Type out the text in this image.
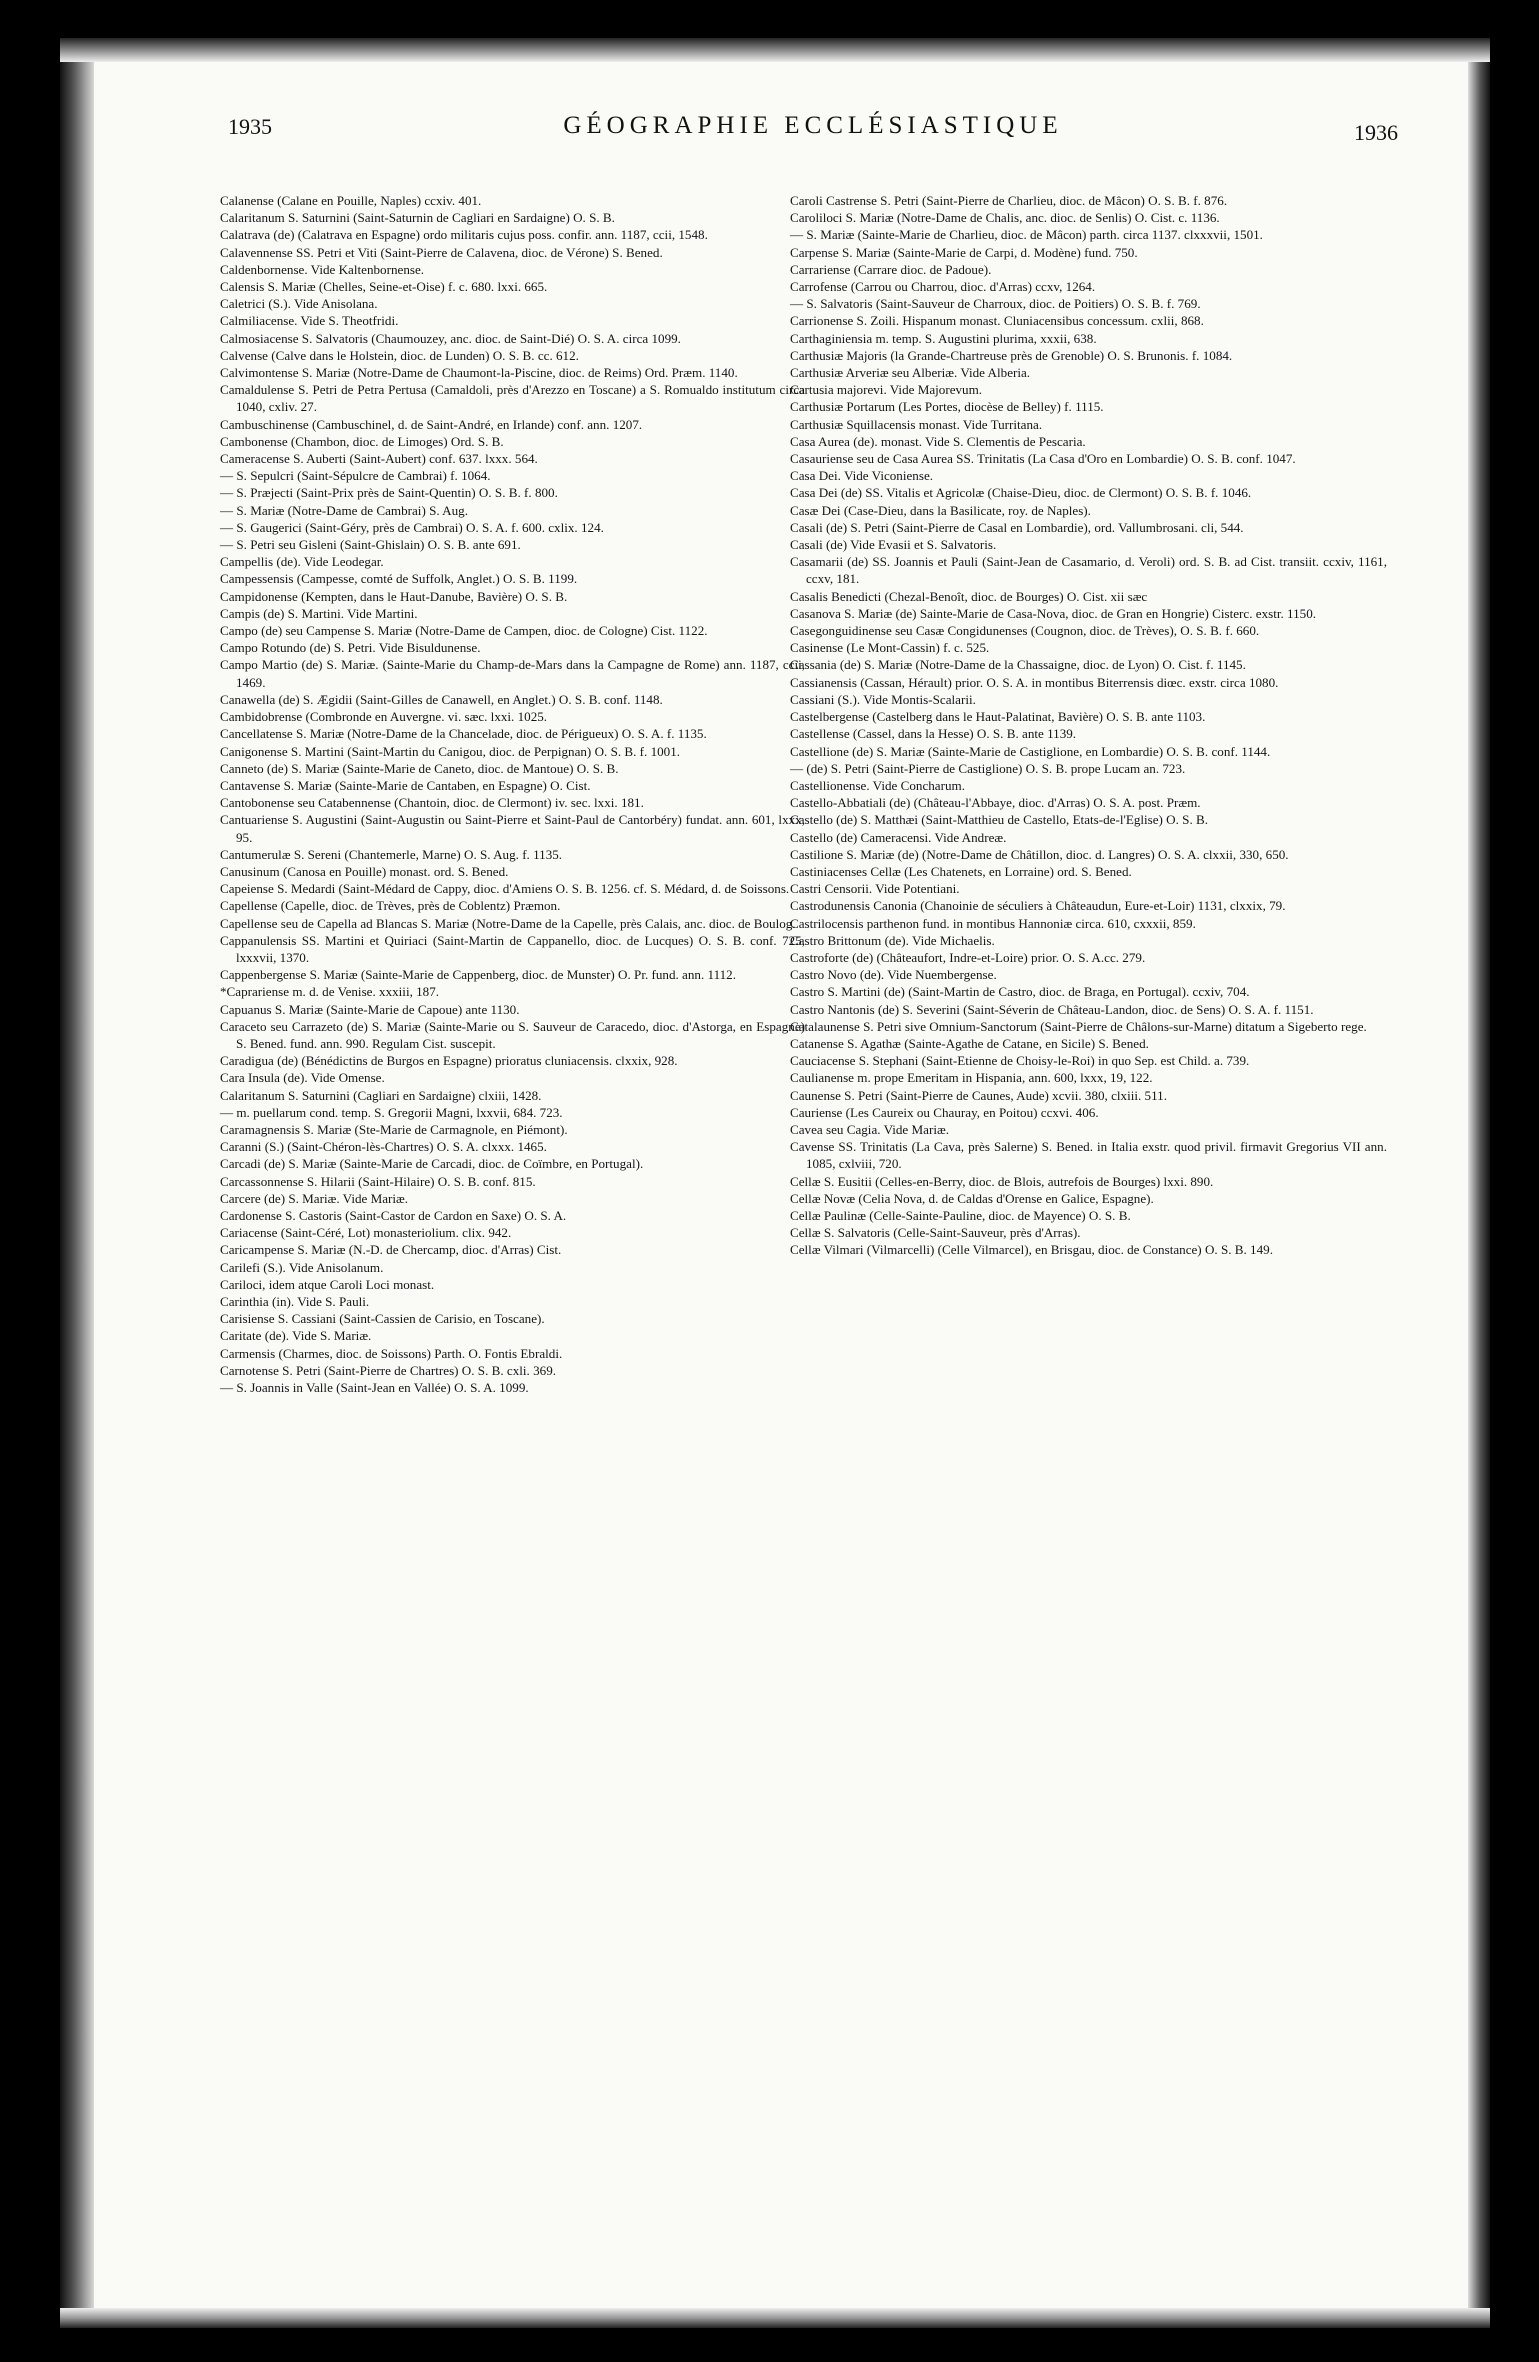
1935	GÉOGRAPHIE ECCLÉSIASTIQUE	1936

Calanense (Calane en Pouille, Naples) ccxiv. 401.

Calaritanum S. Saturnini (Saint-Saturnin de Cagliari en Sardaigne) O. S. B.

Calatrava (de) (Calatrava en Espagne) ordo militaris cujus poss. confir. ann. 1187, ccii, 1548.

Calavennense SS. Petri et Viti (Saint-Pierre de Calavena, dioc. de Vérone) S. Bened.

Caldenbornense. Vide Kaltenbornense.

Calensis S. Mariæ (Chelles, Seine-et-Oise) f. c. 680. lxxi. 665.

Caletrici (S.). Vide Anisolana.

Calmiliacense. Vide S. Theotfridi.

Calmosiacense S. Salvatoris (Chaumouzey, anc. dioc. de Saint-Dié) O. S. A. circa 1099.

Calvense (Calve dans le Holstein, dioc. de Lunden) O. S. B. cc. 612.

Calvimontense S. Mariæ (Notre-Dame de Chaumont-la-Piscine, dioc. de Reims) Ord. Præm. 1140.

Camaldulense S. Petri de Petra Pertusa (Camaldoli, près d'Arezzo en Toscane) a S. Romualdo institutum circa 1040, cxliv. 27.

Cambuschinense (Cambuschinel, d. de Saint-André, en Irlande) conf. ann. 1207.

Cambonense (Chambon, dioc. de Limoges) Ord. S. B.

Cameracense S. Auberti (Saint-Aubert) conf. 637. lxxx. 564.

— S. Sepulcri (Saint-Sépulcre de Cambrai) f. 1064.

— S. Præjecti (Saint-Prix près de Saint-Quentin) O. S. B. f. 800.

— S. Mariæ (Notre-Dame de Cambrai) S. Aug.

— S. Gaugerici (Saint-Géry, près de Cambrai) O. S. A. f. 600. cxlix. 124.

— S. Petri seu Gisleni (Saint-Ghislain) O. S. B. ante 691.

Campellis (de). Vide Leodegar.

Campessensis (Campesse, comté de Suffolk, Anglet.) O. S. B. 1199.

Campidonense (Kempten, dans le Haut-Danube, Bavière) O. S. B.

Campis (de) S. Martini. Vide Martini.

Campo (de) seu Campense S. Mariæ (Notre-Dame de Campen, dioc. de Cologne) Cist. 1122.

Campo Rotundo (de) S. Petri. Vide Bisuldunense.

Campo Martio (de) S. Mariæ. (Sainte-Marie du Champ-de-Mars dans la Campagne de Rome) ann. 1187, ccii, 1469.

Canawella (de) S. Ægidii (Saint-Gilles de Canawell, en Anglet.) O. S. B. conf. 1148.

Cambidobrense (Combronde en Auvergne. vi. sæc. lxxi. 1025.

Cancellatense S. Mariæ (Notre-Dame de la Chancelade, dioc. de Périgueux) O. S. A. f. 1135.

Canigonense S. Martini (Saint-Martin du Canigou, dioc. de Perpignan) O. S. B. f. 1001.

Canneto (de) S. Mariæ (Sainte-Marie de Caneto, dioc. de Mantoue) O. S. B.

Cantavense S. Mariæ (Sainte-Marie de Cantaben, en Espagne) O. Cist.

Cantobonense seu Catabennense (Chantoin, dioc. de Clermont) iv. sec. lxxi. 181.

Cantuariense S. Augustini (Saint-Augustin ou Saint-Pierre et Saint-Paul de Cantorbéry) fundat. ann. 601, lxxx, 95.

Cantumerulæ S. Sereni (Chantemerle, Marne) O. S. Aug. f. 1135.

Canusinum (Canosa en Pouille) monast. ord. S. Bened.

Capeiense S. Medardi (Saint-Médard de Cappy, dioc. d'Amiens O. S. B. 1256. cf. S. Médard, d. de Soissons.

Capellense (Capelle, dioc. de Trèves, près de Coblentz) Præmon.

Capellense seu de Capella ad Blancas S. Mariæ (Notre-Dame de la Capelle, près Calais, anc. dioc. de Boulog.

Cappanulensis SS. Martini et Quiriaci (Saint-Martin de Cappanello, dioc. de Lucques) O. S. B. conf. 725, lxxxvii, 1370.

Cappenbergense S. Mariæ (Sainte-Marie de Cappenberg, dioc. de Munster) O. Pr. fund. ann. 1112.

*Caprariense m. d. de Venise. xxxiii, 187.

Capuanus S. Mariæ (Sainte-Marie de Capoue) ante 1130.

Caraceto seu Carrazeto (de) S. Mariæ (Sainte-Marie ou S. Sauveur de Caracedo, dioc. d'Astorga, en Espagne) S. Bened. fund. ann. 990. Regulam Cist. suscepit.

Caradigua (de) (Bénédictins de Burgos en Espagne) prioratus cluniacensis. clxxix, 928.

Cara Insula (de). Vide Omense.

Calaritanum S. Saturnini (Cagliari en Sardaigne) clxiii, 1428.

— m. puellarum cond. temp. S. Gregorii Magni, lxxvii, 684. 723.

Caramagnensis S. Mariæ (Ste-Marie de Carmagnole, en Piémont).

Caranni (S.) (Saint-Chéron-lès-Chartres) O. S. A. clxxx. 1465.

Carcadi (de) S. Mariæ (Sainte-Marie de Carcadi, dioc. de Coïmbre, en Portugal).

Carcassonnense S. Hilarii (Saint-Hilaire) O. S. B. conf. 815.

Carcere (de) S. Mariæ. Vide Mariæ.

Cardonense S. Castoris (Saint-Castor de Cardon en Saxe) O. S. A.

Cariacense (Saint-Céré, Lot) monasteriolium. clix. 942.

Caricampense S. Mariæ (N.-D. de Chercamp, dioc. d'Arras) Cist.

Carilefi (S.). Vide Anisolanum.

Cariloci, idem atque Caroli Loci monast.

Carinthia (in). Vide S. Pauli.

Carisiense S. Cassiani (Saint-Cassien de Carisio, en Toscane).

Caritate (de). Vide S. Mariæ.

Carmensis (Charmes, dioc. de Soissons) Parth. O. Fontis Ebraldi.

Carnotense S. Petri (Saint-Pierre de Chartres) O. S. B. cxli. 369.

— S. Joannis in Valle (Saint-Jean en Vallée) O. S. A. 1099.

Caroli Castrense S. Petri (Saint-Pierre de Charlieu, dioc. de Mâcon) O. S. B. f. 876.

Caroliloci S. Mariæ (Notre-Dame de Chalis, anc. dioc. de Senlis) O. Cist. c. 1136.

— S. Mariæ (Sainte-Marie de Charlieu, dioc. de Mâcon) parth. circa 1137. clxxxvii, 1501.

Carpense S. Mariæ (Sainte-Marie de Carpi, d. Modène) fund. 750.

Carrariense (Carrare dioc. de Padoue).

Carrofense (Carrou ou Charrou, dioc. d'Arras) ccxv, 1264.

— S. Salvatoris (Saint-Sauveur de Charroux, dioc. de Poitiers) O. S. B. f. 769.

Carrionense S. Zoili. Hispanum monast. Cluniacensibus concessum. cxlii, 868.

Carthaginiensia m. temp. S. Augustini plurima, xxxii, 638.

Carthusiæ Majoris (la Grande-Chartreuse près de Grenoble) O. S. Brunonis. f. 1084.

Carthusiæ Arveriæ seu Alberiæ. Vide Alberia.

Cartusia majorevi. Vide Majorevum.

Carthusiæ Portarum (Les Portes, diocèse de Belley) f. 1115.

Carthusiæ Squillacensis monast. Vide Turritana.

Casa Aurea (de). monast. Vide S. Clementis de Pescaria.

Casauriense seu de Casa Aurea SS. Trinitatis (La Casa d'Oro en Lombardie) O. S. B. conf. 1047.

Casa Dei. Vide Viconiense.

Casa Dei (de) SS. Vitalis et Agricolæ (Chaise-Dieu, dioc. de Clermont) O. S. B. f. 1046.

Casæ Dei (Case-Dieu, dans la Basilicate, roy. de Naples).

Casali (de) S. Petri (Saint-Pierre de Casal en Lombardie), ord. Vallumbrosani. cli, 544.

Casali (de) Vide Evasii et S. Salvatoris.

Casamarii (de) SS. Joannis et Pauli (Saint-Jean de Casamario, d. Veroli) ord. S. B. ad Cist. transiit. ccxiv, 1161, ccxv, 181.

Casalis Benedicti (Chezal-Benoît, dioc. de Bourges) O. Cist. xii sæc

Casanova S. Mariæ (de) Sainte-Marie de Casa-Nova, dioc. de Gran en Hongrie) Cisterc. exstr. 1150.

Casegonguidinense seu Casæ Congidunenses (Cougnon, dioc. de Trèves), O. S. B. f. 660.

Casinense (Le Mont-Cassin) f. c. 525.

Cassania (de) S. Mariæ (Notre-Dame de la Chassaigne, dioc. de Lyon) O. Cist. f. 1145.

Cassianensis (Cassan, Hérault) prior. O. S. A. in montibus Biterrensis diœc. exstr. circa 1080.

Cassiani (S.). Vide Montis-Scalarii.

Castelbergense (Castelberg dans le Haut-Palatinat, Bavière) O. S. B. ante 1103.

Castellense (Cassel, dans la Hesse) O. S. B. ante 1139.

Castellione (de) S. Mariæ (Sainte-Marie de Castiglione, en Lombardie) O. S. B. conf. 1144.

— (de) S. Petri (Saint-Pierre de Castiglione) O. S. B. prope Lucam an. 723.

Castellionense. Vide Concharum.

Castello-Abbatiali (de) (Château-l'Abbaye, dioc. d'Arras) O. S. A. post. Præm.

Castello (de) S. Matthæi (Saint-Matthieu de Castello, Etats-de-l'Eglise) O. S. B.

Castello (de) Cameracensi. Vide Andreæ.

Castilione S. Mariæ (de) (Notre-Dame de Châtillon, dioc. d. Langres) O. S. A. clxxii, 330, 650.

Castiniacenses Cellæ (Les Chatenets, en Lorraine) ord. S. Bened.

Castri Censorii. Vide Potentiani.

Castrodunensis Canonia (Chanoinie de séculiers à Châteaudun, Eure-et-Loir) 1131, clxxix, 79.

Castrilocensis parthenon fund. in montibus Hannoniæ circa. 610, cxxxii, 859.

Castro Brittonum (de). Vide Michaelis.

Castroforte (de) (Châteaufort, Indre-et-Loire) prior. O. S. A.cc. 279.

Castro Novo (de). Vide Nuembergense.

Castro S. Martini (de) (Saint-Martin de Castro, dioc. de Braga, en Portugal). ccxiv, 704.

Castro Nantonis (de) S. Severini (Saint-Séverin de Château-Landon, dioc. de Sens) O. S. A. f. 1151.

Catalaunense S. Petri sive Omnium-Sanctorum (Saint-Pierre de Châlons-sur-Marne) ditatum a Sigeberto rege.

Catanense S. Agathæ (Sainte-Agathe de Catane, en Sicile) S. Bened.

Cauciacense S. Stephani (Saint-Etienne de Choisy-le-Roi) in quo Sep. est Child. a. 739.

Caulianense m. prope Emeritam in Hispania, ann. 600, lxxx, 19, 122.

Caunense S. Petri (Saint-Pierre de Caunes, Aude) xcvii. 380, clxiii. 511.

Cauriense (Les Caureix ou Chauray, en Poitou) ccxvi. 406.

Cavea seu Cagia. Vide Mariæ.

Cavense SS. Trinitatis (La Cava, près Salerne) S. Bened. in Italia exstr. quod privil. firmavit Gregorius VII ann. 1085, cxlviii, 720.

Cellæ S. Eusitii (Celles-en-Berry, dioc. de Blois, autrefois de Bourges) lxxi. 890.

Cellæ Novæ (Celia Nova, d. de Caldas d'Orense en Galice, Espagne).

Cellæ Paulinæ (Celle-Sainte-Pauline, dioc. de Mayence) O. S. B.

Cellæ S. Salvatoris (Celle-Saint-Sauveur, près d'Arras).

Cellæ Vilmari (Vilmarcelli) (Celle Vilmarcel), en Brisgau, dioc. de Constance) O. S. B. 149.
